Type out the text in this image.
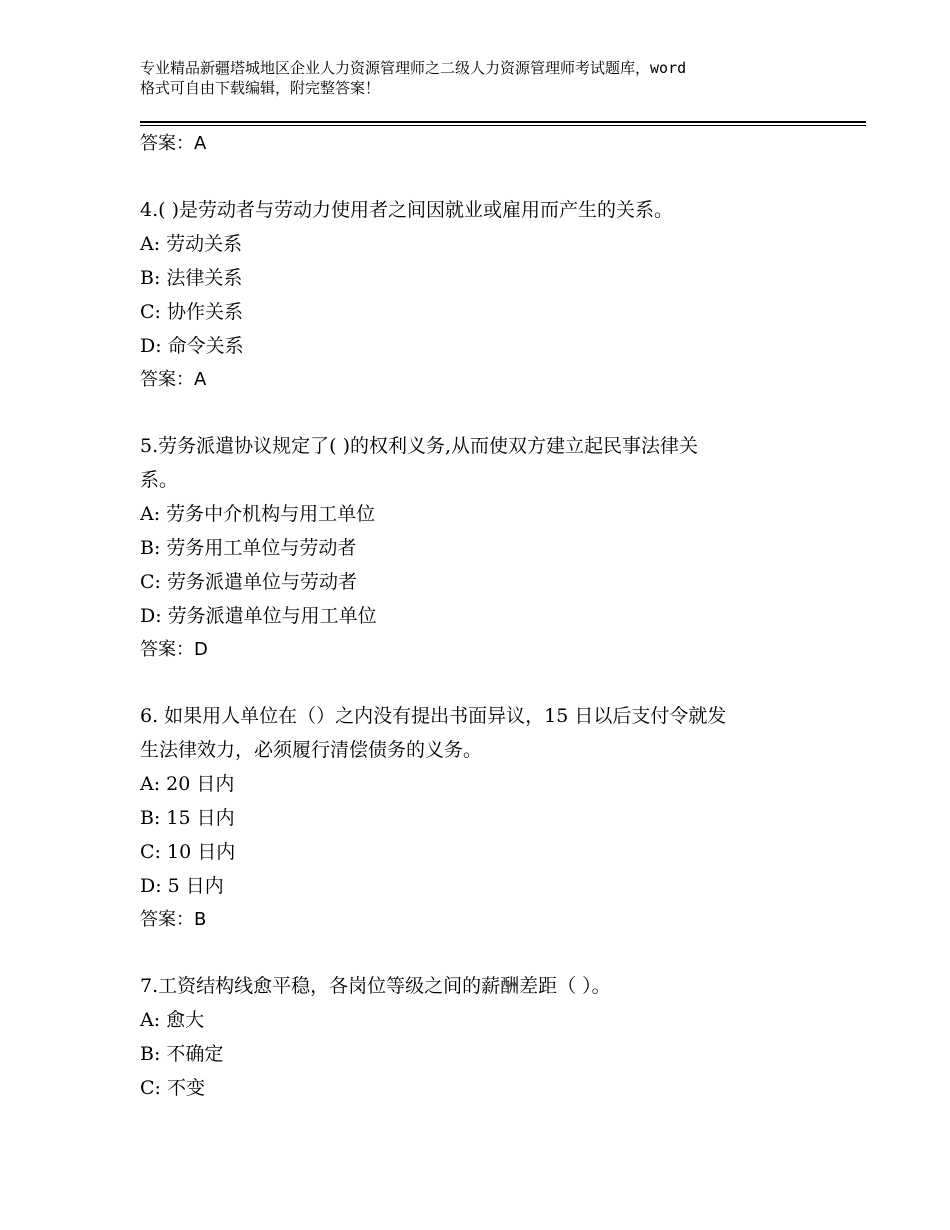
专业精品新疆塔城地区企业人力资源管理师之二级人力资源管理师考试题库，word
格式可自由下载编辑，附完整答案！

答案：A

4.( )是劳动者与劳动力使用者之间因就业或雇用而产生的关系。

A: 劳动关系

B: 法律关系

C: 协作关系

D: 命令关系

答案：A

5.劳务派遣协议规定了( )的权利义务,从而使双方建立起民事法律关

系。

A: 劳务中介机构与用工单位

B: 劳务用工单位与劳动者

C: 劳务派遣单位与劳动者

D: 劳务派遣单位与用工单位

答案：D

6. 如果用人单位在（）之内没有提出书面异议，15 日以后支付令就发

生法律效力，必须履行清偿债务的义务。

A: 20 日内

B: 15 日内

C: 10 日内

D: 5 日内

答案：B

7.工资结构线愈平稳，各岗位等级之间的薪酬差距（ ）。

A: 愈大

B: 不确定

C: 不变
